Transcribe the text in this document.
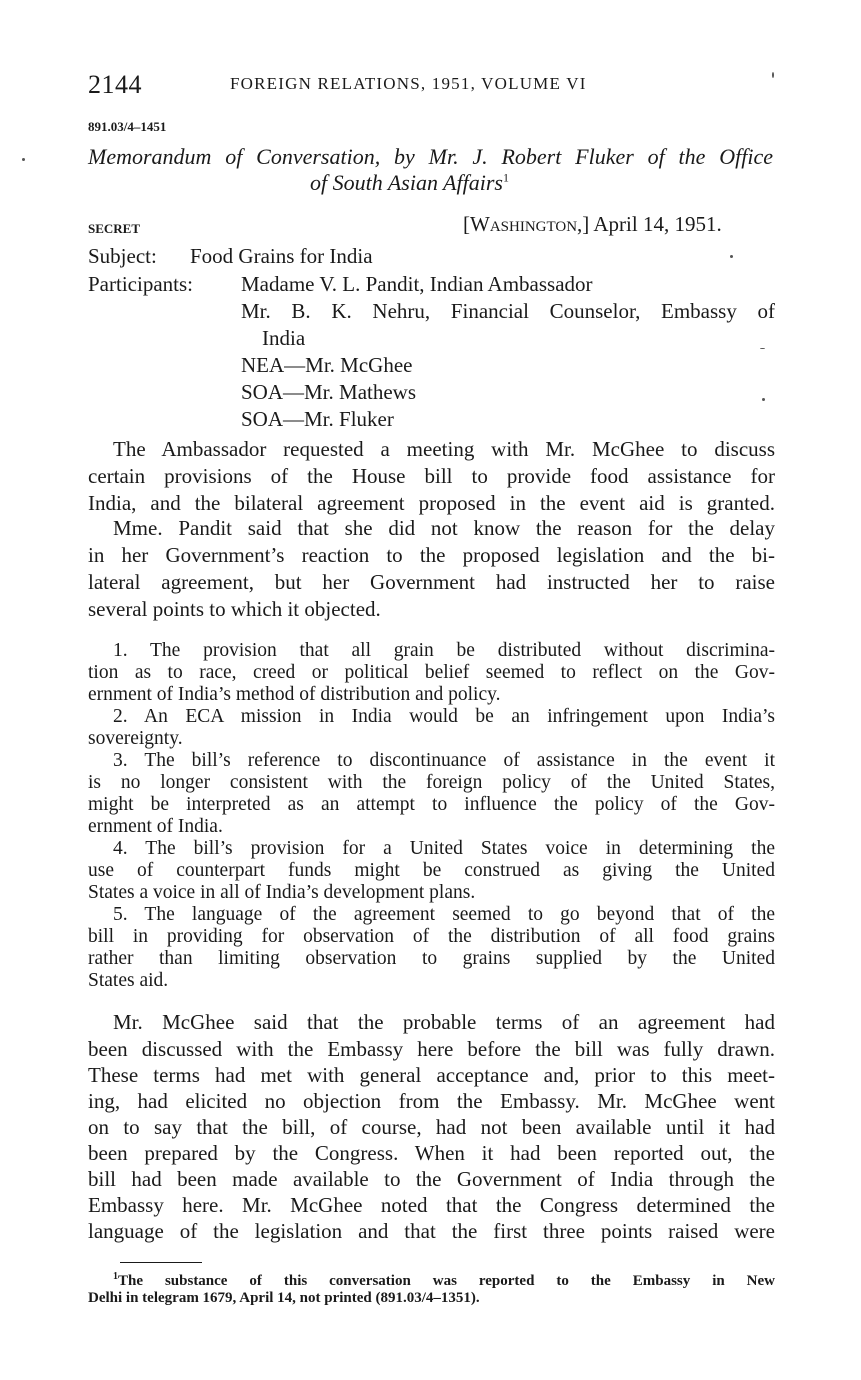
2144	FOREIGN RELATIONS, 1951, VOLUME VI
891.03/4–1451
Memorandum of Conversation, by Mr. J. Robert Fluker of the Office
of South Asian Affairs$^1$
SECRET	[Washington,] April 14, 1951.
Subject: Food Grains for India
Participants: Madame V. L. Pandit, Indian Ambassador
Mr. B. K. Nehru, Financial Counselor, Embassy of
India
NEA—Mr. McGhee
SOA—Mr. Mathews
SOA—Mr. Fluker
The Ambassador requested a meeting with Mr. McGhee to discuss
certain provisions of the House bill to provide food assistance for
India, and the bilateral agreement proposed in the event aid is granted.
Mme. Pandit said that she did not know the reason for the delay
in her Government’s reaction to the proposed legislation and the bi-
lateral agreement, but her Government had instructed her to raise
several points to which it objected.
1. The provision that all grain be distributed without discrimina-
tion as to race, creed or political belief seemed to reflect on the Gov-
ernment of India’s method of distribution and policy.
2. An ECA mission in India would be an infringement upon India’s
sovereignty.
3. The bill’s reference to discontinuance of assistance in the event it
is no longer consistent with the foreign policy of the United States,
might be interpreted as an attempt to influence the policy of the Gov-
ernment of India.
4. The bill’s provision for a United States voice in determining the
use of counterpart funds might be construed as giving the United
States a voice in all of India’s development plans.
5. The language of the agreement seemed to go beyond that of the
bill in providing for observation of the distribution of all food grains
rather than limiting observation to grains supplied by the United
States aid.
Mr. McGhee said that the probable terms of an agreement had
been discussed with the Embassy here before the bill was fully drawn.
These terms had met with general acceptance and, prior to this meet-
ing, had elicited no objection from the Embassy. Mr. McGhee went
on to say that the bill, of course, had not been available until it had
been prepared by the Congress. When it had been reported out, the
bill had been made available to the Government of India through the
Embassy here. Mr. McGhee noted that the Congress determined the
language of the legislation and that the first three points raised were
$^1$The substance of this conversation was reported to the Embassy in New
Delhi in telegram 1679, April 14, not printed (891.03/4–1351).
